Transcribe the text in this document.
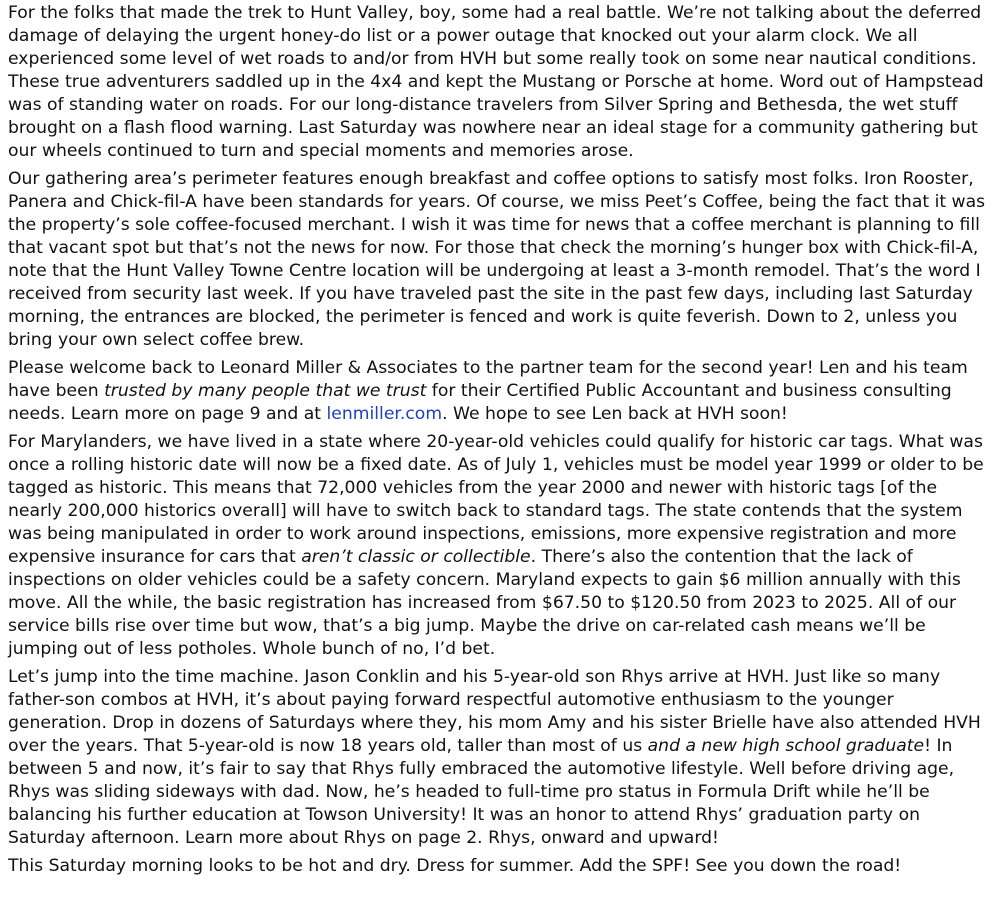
For the folks that made the trek to Hunt Valley, boy, some had a real battle. We’re not talking about the deferred damage of delaying the urgent honey-do list or a power outage that knocked out your alarm clock. We all experienced some level of wet roads to and/or from HVH but some really took on some near nautical conditions. These true adventurers saddled up in the 4x4 and kept the Mustang or Porsche at home. Word out of Hampstead was of standing water on roads. For our long-distance travelers from Silver Spring and Bethesda, the wet stuff brought on a flash flood warning. Last Saturday was nowhere near an ideal stage for a community gathering but our wheels continued to turn and special moments and memories arose.

Our gathering area’s perimeter features enough breakfast and coffee options to satisfy most folks. Iron Rooster, Panera and Chick-fil-A have been standards for years. Of course, we miss Peet’s Coffee, being the fact that it was the property’s sole coffee-focused merchant. I wish it was time for news that a coffee merchant is planning to fill that vacant spot but that’s not the news for now. For those that check the morning’s hunger box with Chick-fil-A, note that the Hunt Valley Towne Centre location will be undergoing at least a 3-month remodel. That’s the word I received from security last week. If you have traveled past the site in the past few days, including last Saturday morning, the entrances are blocked, the perimeter is fenced and work is quite feverish. Down to 2, unless you bring your own select coffee brew.

Please welcome back to Leonard Miller & Associates to the partner team for the second year! Len and his team have been trusted by many people that we trust for their Certified Public Accountant and business consulting needs. Learn more on page 9 and at lenmiller.com. We hope to see Len back at HVH soon!

For Marylanders, we have lived in a state where 20-year-old vehicles could qualify for historic car tags. What was once a rolling historic date will now be a fixed date. As of July 1, vehicles must be model year 1999 or older to be tagged as historic. This means that 72,000 vehicles from the year 2000 and newer with historic tags [of the nearly 200,000 historics overall] will have to switch back to standard tags. The state contends that the system was being manipulated in order to work around inspections, emissions, more expensive registration and more expensive insurance for cars that aren’t classic or collectible. There’s also the contention that the lack of inspections on older vehicles could be a safety concern. Maryland expects to gain $6 million annually with this move. All the while, the basic registration has increased from $67.50 to $120.50 from 2023 to 2025. All of our service bills rise over time but wow, that’s a big jump. Maybe the drive on car-related cash means we’ll be jumping out of less potholes. Whole bunch of no, I’d bet.

Let’s jump into the time machine. Jason Conklin and his 5-year-old son Rhys arrive at HVH. Just like so many father-son combos at HVH, it’s about paying forward respectful automotive enthusiasm to the younger generation. Drop in dozens of Saturdays where they, his mom Amy and his sister Brielle have also attended HVH over the years. That 5-year-old is now 18 years old, taller than most of us and a new high school graduate! In between 5 and now, it’s fair to say that Rhys fully embraced the automotive lifestyle. Well before driving age, Rhys was sliding sideways with dad. Now, he’s headed to full-time pro status in Formula Drift while he’ll be balancing his further education at Towson University! It was an honor to attend Rhys’ graduation party on Saturday afternoon. Learn more about Rhys on page 2. Rhys, onward and upward!

This Saturday morning looks to be hot and dry. Dress for summer. Add the SPF! See you down the road!
